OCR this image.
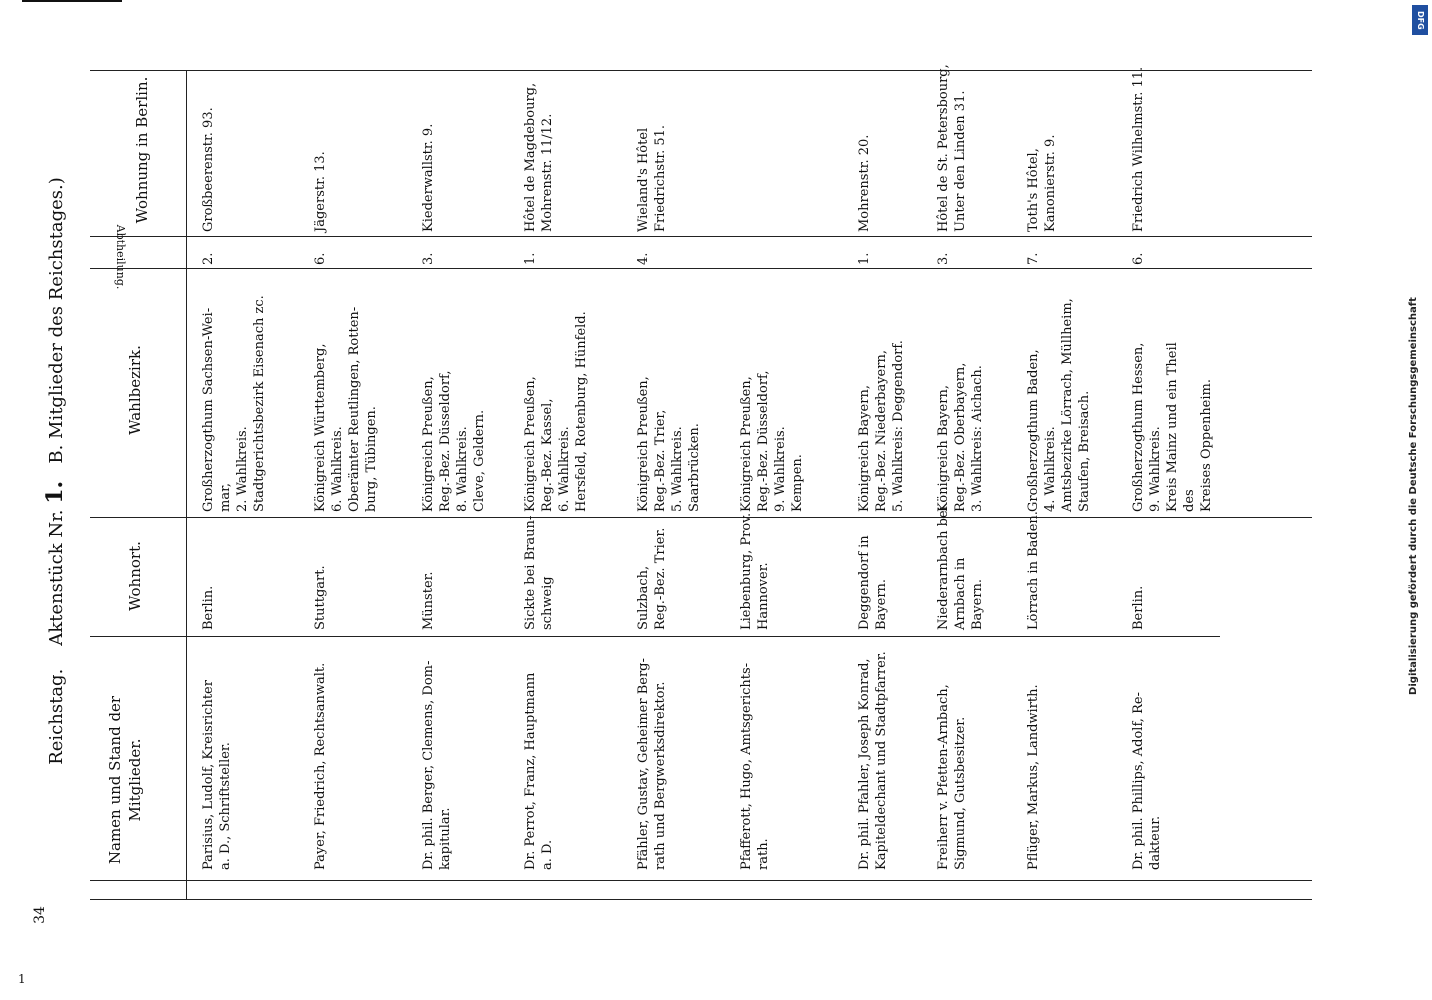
34
1
Reichstag.    Aktenstück Nr. 1.   B. Mitglieder des Reichstages.)
Namen und Stand der Mitglieder.
Wohnort.
Wahlbezirk.
Abtheilung.
Wohnung in Berlin.
Parisius, Ludolf, Kreisrichter
a. D., Schriftsteller.
Berlin.
Großherzogthum Sachsen-Wei-
mar,
2. Wahlkreis.
Stadtgerichtsbezirk Eisenach zc.
2.
Großbeerenstr. 93.
Payer, Friedrich, Rechtsanwalt.
Stuttgart.
Königreich Württemberg,
6. Wahlkreis.
Oberämter Reutlingen, Rotten-
burg, Tübingen.
6.
Jägerstr. 13.
Dr. phil. Berger, Clemens, Dom-
kapitular.
Münster.
Königreich Preußen,
Reg.-Bez. Düsseldorf,
8. Wahlkreis.
Cleve, Geldern.
3.
Kiederwallstr. 9.
Dr. Perrot, Franz, Hauptmann
a. D.
Sickte bei Braun-
schweig
Königreich Preußen,
Reg.-Bez. Kassel,
6. Wahlkreis.
Hersfeld, Rotenburg, Hünfeld.
1.
Hôtel de Magdebourg,
Mohrenstr. 11/12.
Pfähler, Gustav, Geheimer Berg-
rath und Bergwerksdirektor.
Sulzbach,
Reg.-Bez. Trier.
Königreich Preußen,
Reg.-Bez. Trier,
5. Wahlkreis.
Saarbrücken.
4.
Wieland's Hôtel
Friedrichstr. 51.
Pfafferott, Hugo, Amtsgerichts-
rath.
Liebenburg, Prov.
Hannover.
Königreich Preußen,
Reg.-Bez. Düsseldorf,
9. Wahlkreis.
Kempen.
Dr. phil. Pfahler, Joseph Konrad,
Kapiteldechant und Stadtpfarrer.
Deggendorf in
Bayern.
Königreich Bayern,
Reg.-Bez. Niederbayern,
5. Wahlkreis: Deggendorf.
1.
Mohrenstr. 20.
Freiherr v. Pfetten-Arnbach,
Sigmund, Gutsbesitzer.
Niederarnbach bei
Arnbach in
Bayern.
Königreich Bayern,
Reg.-Bez. Oberbayern,
3. Wahlkreis: Aichach.
3.
Hôtel de St. Petersbourg,
Unter den Linden 31.
Pflüger, Markus, Landwirth.
Lörrach in Baden.
Großherzogthum Baden,
4. Wahlkreis.
Amtsbezirke Lörrach, Müllheim,
Staufen, Breisach.
7.
Toth's Hôtel,
Kanonierstr. 9.
Dr. phil. Phillips, Adolf, Re-
dakteur.
Berlin.
Großherzogthum Hessen,
9. Wahlkreis.
Kreis Mainz und ein Theil des
Kreises Oppenheim.
6.
Friedrich Wilhelmstr. 11.
Digitalisierung gefördert durch die Deutsche Forschungsgemeinschaft
DFG
